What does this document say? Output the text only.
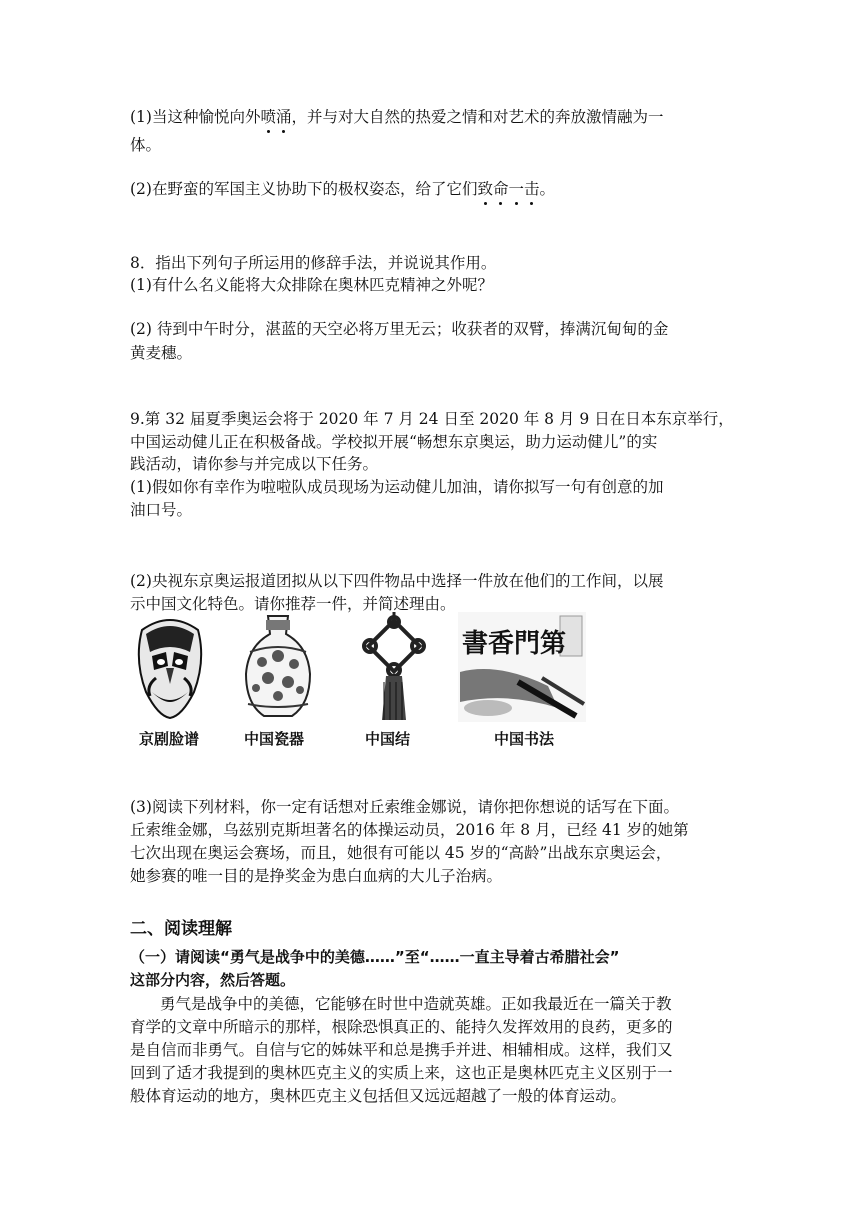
(1)当这种愉悦向外喷涌，并与对大自然的热爱之情和对艺术的奔放激情融为一
体。
(2)在野蛮的军国主义协助下的极权姿态，给了它们致命一击。
8．指出下列句子所运用的修辞手法，并说说其作用。
(1)有什么名义能将大众排除在奥林匹克精神之外呢？
(2) 待到中午时分，湛蓝的天空必将万里无云；收获者的双臂，捧满沉甸甸的金
黄麦穗。
9.第 32 届夏季奥运会将于 2020 年 7 月 24 日至 2020 年 8 月 9 日在日本东京举行，
中国运动健儿正在积极备战。学校拟开展“畅想东京奥运，助力运动健儿”的实
践活动，请你参与并完成以下任务。
(1)假如你有幸作为啦啦队成员现场为运动健儿加油，请你拟写一句有创意的加
油口号。
(2)央视东京奥运报道团拟从以下四件物品中选择一件放在他们的工作间，以展
示中国文化特色。请你推荐一件，并简述理由。
書香門第
京剧脸谱	中国瓷器	中国结	中国书法
(3)阅读下列材料，你一定有话想对丘索维金娜说，请你把你想说的话写在下面。
丘索维金娜，乌兹别克斯坦著名的体操运动员，2016 年 8 月，已经 41 岁的她第
七次出现在奥运会赛场，而且，她很有可能以 45 岁的“高龄”出战东京奥运会，
她参赛的唯一目的是挣奖金为患白血病的大儿子治病。
二、阅读理解
（一）请阅读“勇气是战争中的美德……”至“……一直主导着古希腊社会”
这部分内容，然后答题。
勇气是战争中的美德，它能够在时世中造就英雄。正如我最近在一篇关于教
育学的文章中所暗示的那样，根除恐惧真正的、能持久发挥效用的良药，更多的
是自信而非勇气。自信与它的姊妹平和总是携手并进、相辅相成。这样，我们又
回到了适才我提到的奥林匹克主义的实质上来，这也正是奥林匹克主义区别于一
般体育运动的地方，奥林匹克主义包括但又远远超越了一般的体育运动。
